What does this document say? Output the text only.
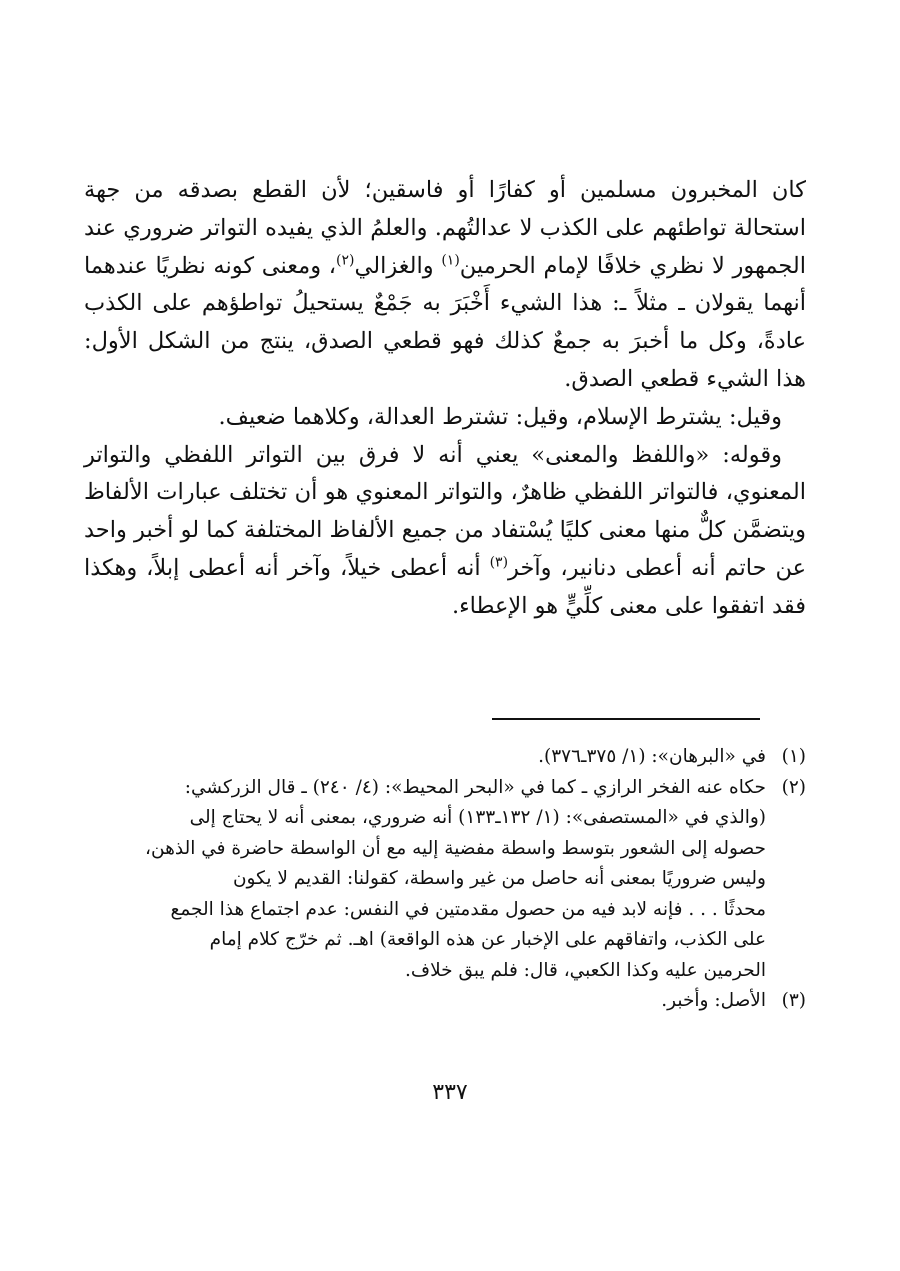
كان المخبرون مسلمين أو كفارًا أو فاسقين؛ لأن القطع بصدقه من جهة استحالة تواطئهم على الكذب لا عدالتُهم. والعلمُ الذي يفيده التواتر ضروري عند الجمهور لا نظري خلافًا لإمام الحرمين$^{(١)}$ والغزالي$^{(٢)}$، ومعنى كونه نظريًا عندهما أنهما يقولان ـ مثلاً ـ: هذا الشيء أَخْبَرَ به جَمْعٌ يستحيلُ تواطؤهم على الكذب عادةً، وكل ما أخبرَ به جمعٌ كذلك فهو قطعي الصدق، ينتج من الشكل الأول: هذا الشيء قطعي الصدق.

وقيل: يشترط الإسلام، وقيل: تشترط العدالة، وكلاهما ضعيف.

وقوله: «واللفظ والمعنى» يعني أنه لا فرق بين التواتر اللفظي والتواتر المعنوي، فالتواتر اللفظي ظاهرٌ، والتواتر المعنوي هو أن تختلف عبارات الألفاظ ويتضمَّن كلٌّ منها معنى كليًا يُسْتفاد من جميع الألفاظ المختلفة كما لو أخبر واحد عن حاتم أنه أعطى دنانير، وآخر$^{(٣)}$ أنه أعطى خيلاً، وآخر أنه أعطى إبلاً، وهكذا فقد اتفقوا على معنى كلِّيٍّ هو الإعطاء.

(١)
في «البرهان»: (١/ ٣٧٥ـ٣٧٦).
(٢)
حكاه عنه الفخر الرازي ـ كما في «البحر المحيط»: (٤/ ٢٤٠) ـ قال الزركشي:
(والذي في «المستصفى»: (١/ ١٣٢ـ١٣٣) أنه ضروري، بمعنى أنه لا يحتاج إلى
حصوله إلى الشعور بتوسط واسطة مفضية إليه مع أن الواسطة حاضرة في الذهن،
وليس ضروريًا بمعنى أنه حاصل من غير واسطة، كقولنا: القديم لا يكون
محدثًا . . . فإنه لابد فيه من حصول مقدمتين في النفس: عدم اجتماع هذا الجمع
على الكذب، واتفاقهم على الإخبار عن هذه الواقعة) اهـ. ثم خرّج كلام إمام
الحرمين عليه وكذا الكعبي، قال: فلم يبق خلاف.
(٣)
الأصل: وأخبر.
٣٣٧
